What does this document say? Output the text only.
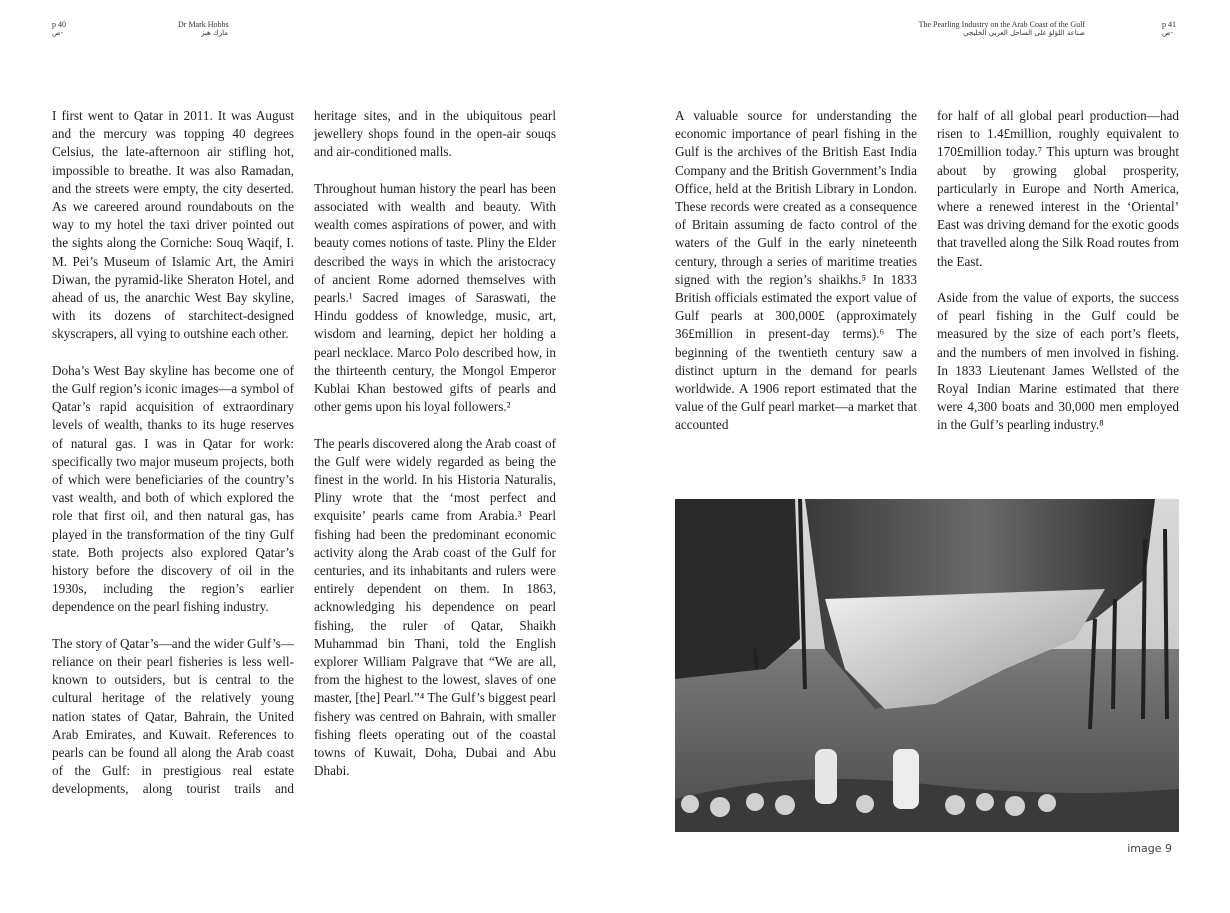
p 40
ص-
Dr Mark Hobbs
مارك هبز
The Pearling Industry on the Arab Coast of the Gulf
صناعة اللؤلؤ على الساحل العربي الخليجي
p 41
ص-

I first went to Qatar in 2011. It was August and the mercury was topping 40 degrees Celsius, the late-afternoon air stifling hot, impossible to breathe. It was also Ramadan, and the streets were empty, the city deserted. As we careered around roundabouts on the way to my hotel the taxi driver pointed out the sights along the Corniche: Souq Waqif, I. M. Pei’s Museum of Islamic Art, the Amiri Diwan, the pyramid-like Sheraton Hotel, and ahead of us, the anarchic West Bay skyline, with its dozens of starchitect-designed skyscrapers, all vying to outshine each other.

Doha’s West Bay skyline has become one of the Gulf region’s iconic images—a symbol of Qatar’s rapid acquisition of extraordinary levels of wealth, thanks to its huge reserves of natural gas. I was in Qatar for work: specifically two major museum projects, both of which were beneficiaries of the country’s vast wealth, and both of which explored the role that first oil, and then natural gas, has played in the transformation of the tiny Gulf state. Both projects also explored Qatar’s history before the discovery of oil in the 1930s, including the region’s earlier dependence on the pearl fishing industry.

The story of Qatar’s—and the wider Gulf’s—reliance on their pearl fisheries is less well-known to outsiders, but is central to the cultural heritage of the relatively young nation states of Qatar, Bahrain, the United Arab Emirates, and Kuwait. References to pearls can be found all along the Arab coast of the Gulf: in prestigious real estate developments, along tourist trails and

heritage sites, and in the ubiquitous pearl jewellery shops found in the open-air souqs and air-conditioned malls.

Throughout human history the pearl has been associated with wealth and beauty. With wealth comes aspirations of power, and with beauty comes notions of taste. Pliny the Elder described the ways in which the aristocracy of ancient Rome adorned themselves with pearls.¹ Sacred images of Saraswati, the Hindu goddess of knowledge, music, art, wisdom and learning, depict her holding a pearl necklace. Marco Polo described how, in the thirteenth century, the Mongol Emperor Kublai Khan bestowed gifts of pearls and other gems upon his loyal followers.²

The pearls discovered along the Arab coast of the Gulf were widely regarded as being the finest in the world. In his Historia Naturalis, Pliny wrote that the ‘most perfect and exquisite’ pearls came from Arabia.³ Pearl fishing had been the predominant economic activity along the Arab coast of the Gulf for centuries, and its inhabitants and rulers were entirely dependent on them. In 1863, acknowledging his dependence on pearl fishing, the ruler of Qatar, Shaikh Muhammad bin Thani, told the English explorer William Palgrave that “We are all, from the highest to the lowest, slaves of one master, [the] Pearl.”⁴ The Gulf’s biggest pearl fishery was centred on Bahrain, with smaller fishing fleets operating out of the coastal towns of Kuwait, Doha, Dubai and Abu Dhabi.

A valuable source for understanding the economic importance of pearl fishing in the Gulf is the archives of the British East India Company and the British Government’s India Office, held at the British Library in London. These records were created as a consequence of Britain assuming de facto control of the waters of the Gulf in the early nineteenth century, through a series of maritime treaties signed with the region’s shaikhs.⁵ In 1833 British officials estimated the export value of Gulf pearls at 300,000£ (approximately 36£million in present-day terms).⁶ The beginning of the twentieth century saw a distinct upturn in the demand for pearls worldwide. A 1906 report estimated that the value of the Gulf pearl market—a market that accounted

for half of all global pearl production—had risen to 1.4£million, roughly equivalent to 170£million today.⁷ This upturn was brought about by growing global prosperity, particularly in Europe and North America, where a renewed interest in the ‘Oriental’ East was driving demand for the exotic goods that travelled along the Silk Road routes from the East.

Aside from the value of exports, the success of pearl fishing in the Gulf could be measured by the size of each port’s fleets, and the numbers of men involved in fishing. In 1833 Lieutenant James Wellsted of the Royal Indian Marine estimated that there were 4,300 boats and 30,000 men employed in the Gulf’s pearling industry.⁸

image 9
